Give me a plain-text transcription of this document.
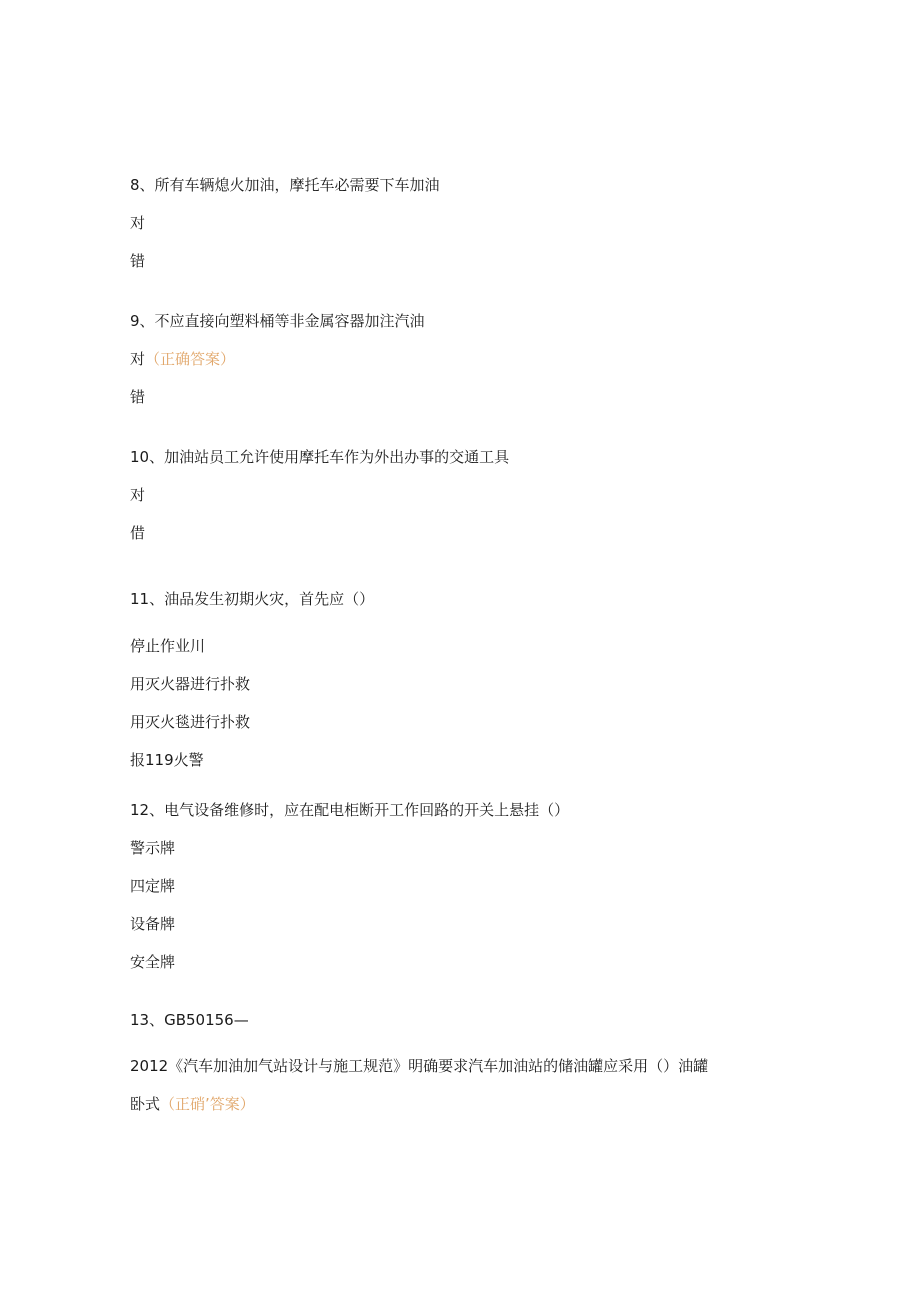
8、所有车辆熄火加油，摩托车必需要下车加油
对
错
9、不应直接向塑料桶等非金属容器加注汽油
对（正确答案）
错
10、加油站员工允许使用摩托车作为外出办事的交通工具
对
借
11、油品发生初期火灾，首先应（）
停止作业川
用灭火器进行扑救
用灭火毯进行扑救
报119火警
12、电气设备维修时，应在配电柜断开工作回路的开关上悬挂（）
警示牌
四定牌
设备牌
安全牌
13、GB50156—
2012《汽车加油加气站设计与施工规范》明确要求汽车加油站的储油罐应采用（）油罐
卧式（正硝’答案）
